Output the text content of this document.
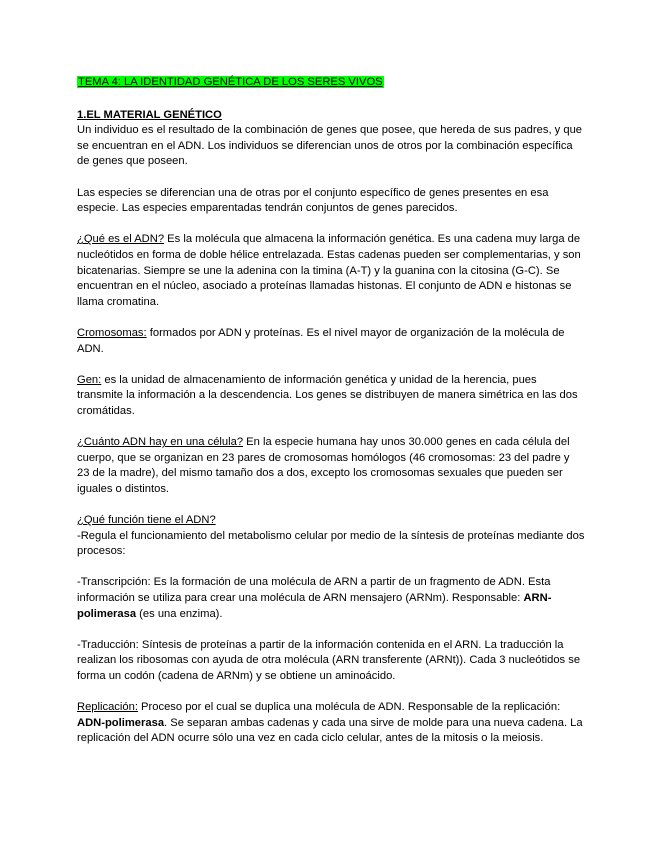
TEMA 4: LA IDENTIDAD GENÉTICA DE LOS SERES VIVOS

1.EL MATERIAL GENÉTICO

Un individuo es el resultado de la combinación de genes que posee, que hereda de sus padres, y que se encuentran en el ADN. Los individuos se diferencian unos de otros por la combinación específica de genes que poseen.

Las especies se diferencian una de otras por el conjunto específico de genes presentes en esa especie. Las especies emparentadas tendrán conjuntos de genes parecidos.

¿Qué es el ADN? Es la molécula que almacena la información genética. Es una cadena muy larga de nucleótidos en forma de doble hélice entrelazada. Estas cadenas pueden ser complementarias, y son bicatenarias. Siempre se une la adenina con la timina (A-T) y la guanina con la citosina (G-C). Se encuentran en el núcleo, asociado a proteínas llamadas histonas. El conjunto de ADN e histonas se llama cromatina.

Cromosomas: formados por ADN y proteínas. Es el nivel mayor de organización de la molécula de ADN.

Gen: es la unidad de almacenamiento de información genética y unidad de la herencia, pues transmite la información a la descendencia. Los genes se distribuyen de manera simétrica en las dos cromátidas.

¿Cuánto ADN hay en una célula? En la especie humana hay unos 30.000 genes en cada célula del cuerpo, que se organizan en 23 pares de cromosomas homólogos (46 cromosomas: 23 del padre y 23 de la madre), del mismo tamaño dos a dos, excepto los cromosomas sexuales que pueden ser iguales o distintos.

¿Qué función tiene el ADN?

-Regula el funcionamiento del metabolismo celular por medio de la síntesis de proteínas mediante dos procesos:

-Transcripción: Es la formación de una molécula de ARN a partir de un fragmento de ADN. Esta información se utiliza para crear una molécula de ARN mensajero (ARNm). Responsable: ARN-polimerasa (es una enzima).

-Traducción: Síntesis de proteínas a partir de la información contenida en el ARN. La traducción la realizan los ribosomas con ayuda de otra molécula (ARN transferente (ARNt)). Cada 3 nucleótidos se forma un codón (cadena de ARNm) y se obtiene un aminoácido.

Replicación: Proceso por el cual se duplica una molécula de ADN. Responsable de la replicación: ADN-polimerasa. Se separan ambas cadenas y cada una sirve de molde para una nueva cadena. La replicación del ADN ocurre sólo una vez en cada ciclo celular, antes de la mitosis o la meiosis.
